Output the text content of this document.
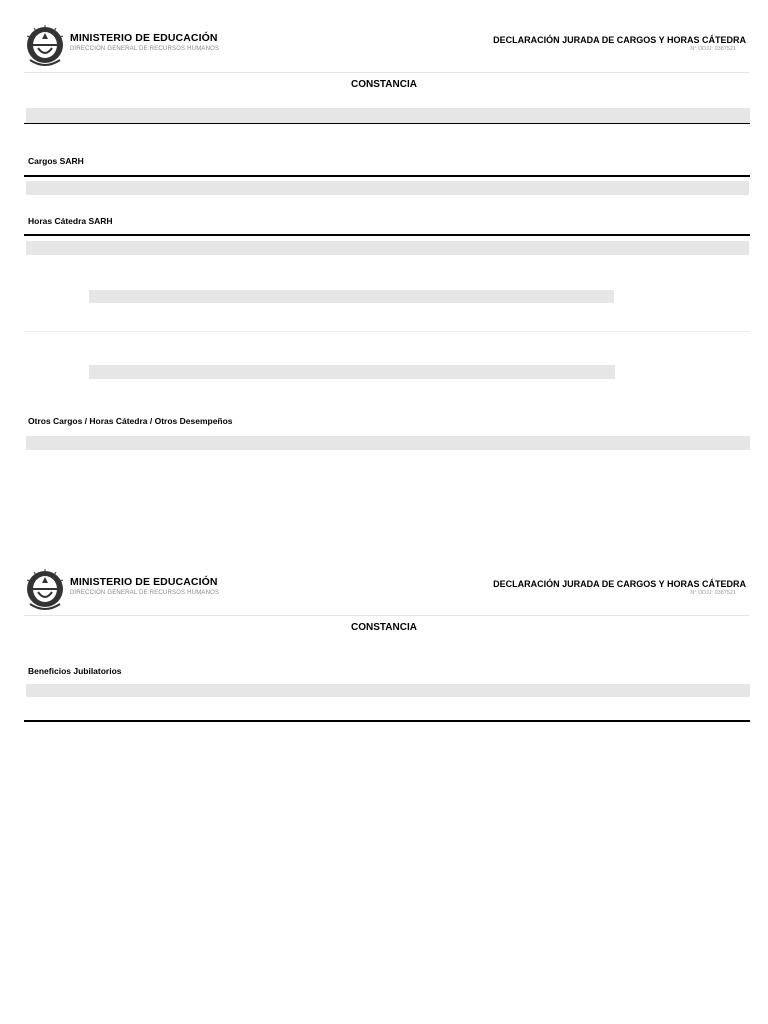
MINISTERIO DE EDUCACIÓN
DIRECCIÓN GENERAL DE RECURSOS HUMANOS
DECLARACIÓN JURADA DE CARGOS Y HORAS CÁTEDRA
N° DDJJ: 0387521
CONSTANCIA
Cargos SARH
Horas Cátedra SARH
Otros Cargos / Horas Cátedra / Otros Desempeños
MINISTERIO DE EDUCACIÓN
DIRECCIÓN GENERAL DE RECURSOS HUMANOS
DECLARACIÓN JURADA DE CARGOS Y HORAS CÁTEDRA
N° DDJJ: 0387521
CONSTANCIA
Beneficios Jubilatorios
